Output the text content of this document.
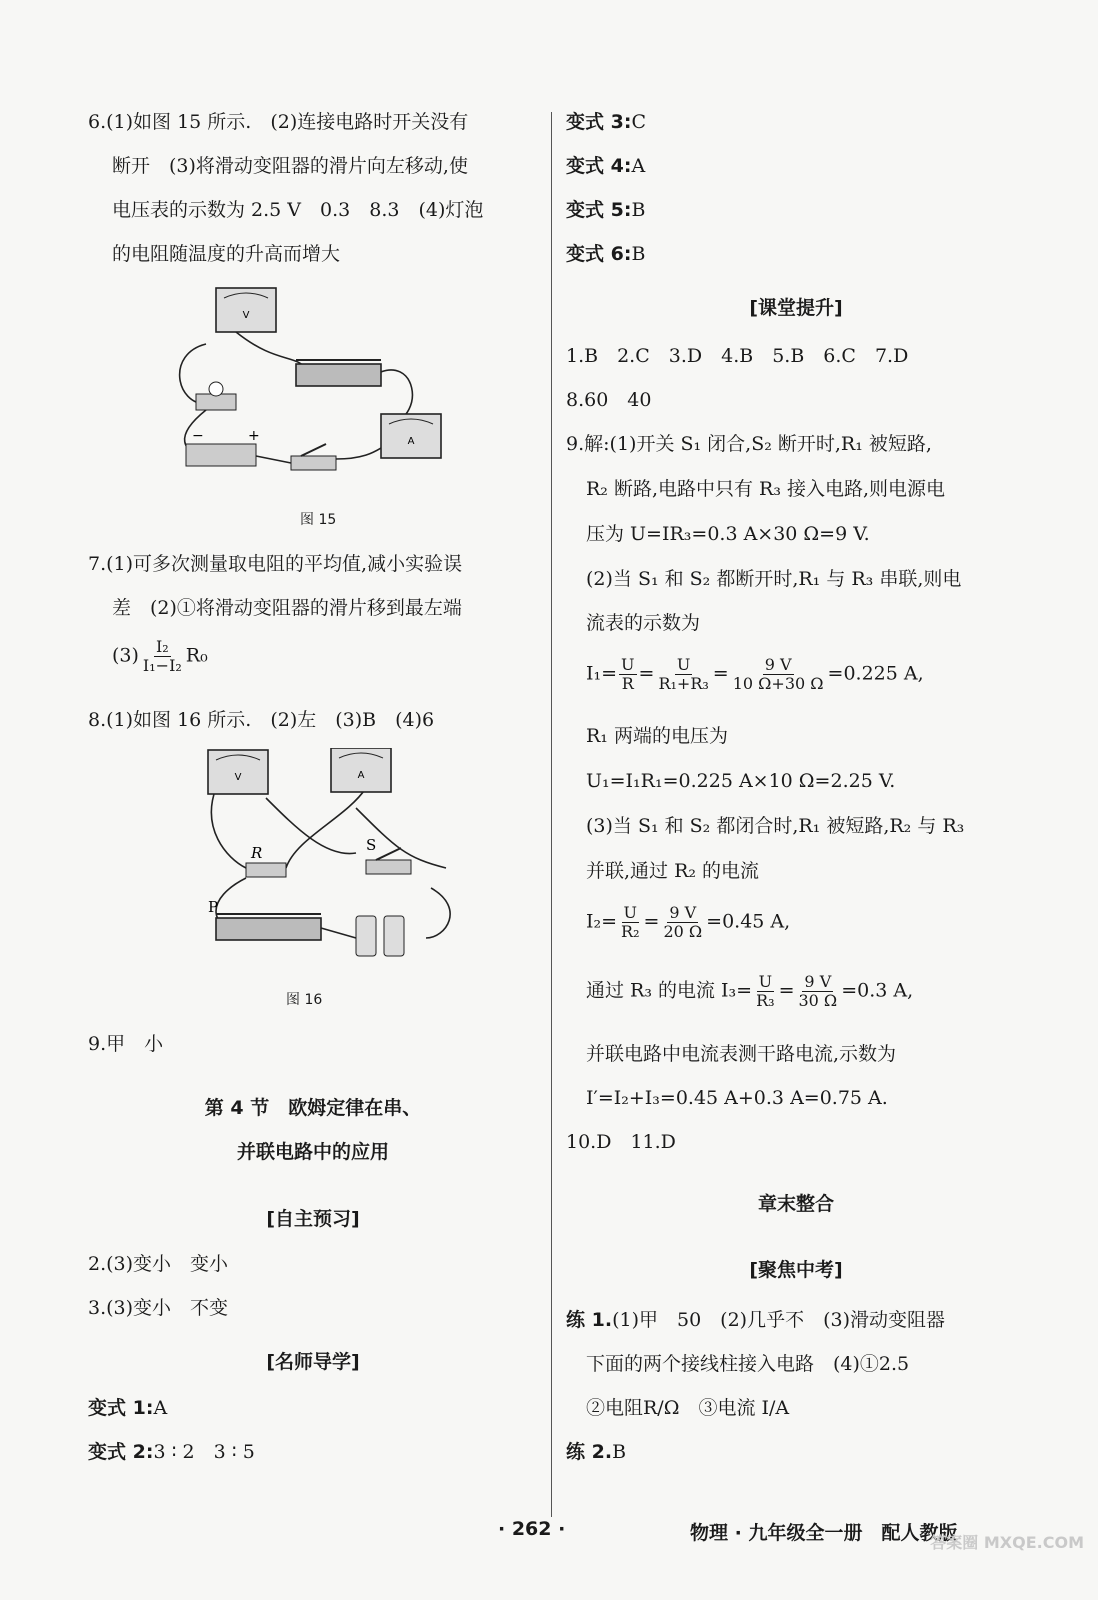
6.(1)如图 15 所示.　(2)连接电路时开关没有
断开　(3)将滑动变阻器的滑片向左移动,使
电压表的示数为 2.5 V　0.3　8.3　(4)灯泡
的电阻随温度的升高而增大
V
−	+	A
图 15
7.(1)可多次测量取电阻的平均值,减小实验误
差　(2)①将滑动变阻器的滑片移到最左端
$(3) \frac{\text{I₂}}{\text{I₁−I₂}} R_0$
8.(1)如图 16 所示.　(2)左　(3)B　(4)6
V	A
R	S
P
图 16
9.甲　小
第 4 节　欧姆定律在串、
并联电路中的应用
[自主预习]
2.(3)变小　变小
3.(3)变小　不变
[名师导学]
变式 1:A
变式 2:3 ∶ 2　3 ∶ 5
变式 3:C
变式 4:A
变式 5:B
变式 6:B
[课堂提升]
1.B　2.C　3.D　4.B　5.B　6.C　7.D
8.60　40
9.解:(1)开关 S₁ 闭合,S₂ 断开时,R₁ 被短路,
R₂ 断路,电路中只有 R₃ 接入电路,则电源电
压为 U=IR₃=0.3 A×30 Ω=9 V.
(2)当 S₁ 和 S₂ 都断开时,R₁ 与 R₃ 串联,则电
流表的示数为
$I_1= \frac{U}{R} = \frac{U}{\text{R₁+R₃}} = \frac{9 V}{10 \Omega+30 \Omega} =0.225$ A,
R₁ 两端的电压为
U₁=I₁R₁=0.225 A×10 Ω=2.25 V.
(3)当 S₁ 和 S₂ 都闭合时,R₁ 被短路,R₂ 与 R₃
并联,通过 R₂ 的电流
$I_2= \frac{U}{\text{R₂}} = \frac{9 V}{20 \Omega} =0.45$ A,
通过 R₃ 的电流 $I_3= \frac{U}{\text{R₃}} = \frac{9 V}{30 \Omega} =0.3$ A,
并联电路中电流表测干路电流,示数为
I′=I₂+I₃=0.45 A+0.3 A=0.75 A.
10.D　11.D
章末整合
[聚焦中考]
练 1.(1)甲　50　(2)几乎不　(3)滑动变阻器
下面的两个接线柱接入电路　(4)①2.5
②电阻R/Ω　③电流 I/A
练 2.B
· 262 ·	物理 · 九年级全一册　配人教版
答案圈 MXQE.COM
